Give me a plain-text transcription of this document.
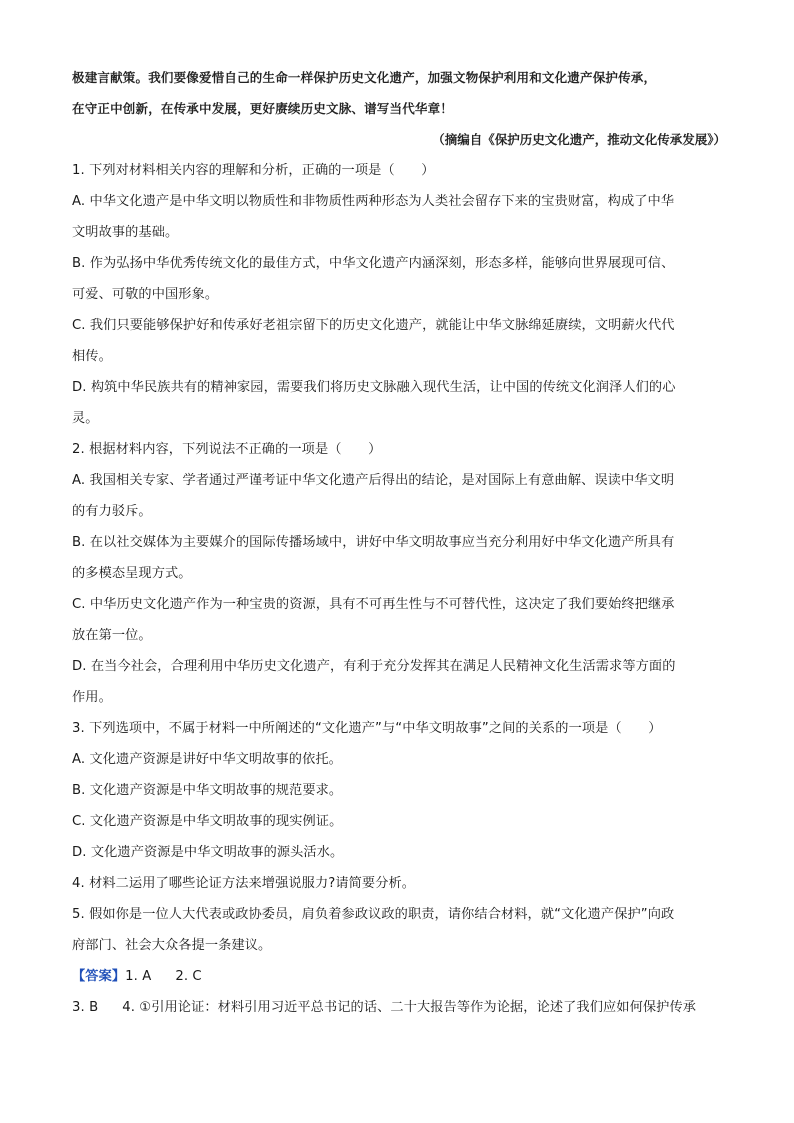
极建言献策。我们要像爱惜自己的生命一样保护历史文化遗产，加强文物保护利用和文化遗产保护传承，
在守正中创新，在传承中发展，更好赓续历史文脉、谱写当代华章！
（摘编自《保护历史文化遗产，推动文化传承发展》）

1. 下列对材料相关内容的理解和分析，正确的一项是（　　）

A. 中华文化遗产是中华文明以物质性和非物质性两种形态为人类社会留存下来的宝贵财富，构成了中华

文明故事的基础。

B. 作为弘扬中华优秀传统文化的最佳方式，中华文化遗产内涵深刻，形态多样，能够向世界展现可信、

可爱、可敬的中国形象。

C. 我们只要能够保护好和传承好老祖宗留下的历史文化遗产，就能让中华文脉绵延赓续，文明薪火代代

相传。

D. 构筑中华民族共有的精神家园，需要我们将历史文脉融入现代生活，让中国的传统文化润泽人们的心

灵。

2. 根据材料内容，下列说法不正确的一项是（　　）

A. 我国相关专家、学者通过严谨考证中华文化遗产后得出的结论，是对国际上有意曲解、误读中华文明

的有力驳斥。

B. 在以社交媒体为主要媒介的国际传播场域中，讲好中华文明故事应当充分利用好中华文化遗产所具有

的多模态呈现方式。

C. 中华历史文化遗产作为一种宝贵的资源，具有不可再生性与不可替代性，这决定了我们要始终把继承

放在第一位。

D. 在当今社会，合理利用中华历史文化遗产，有利于充分发挥其在满足人民精神文化生活需求等方面的

作用。

3. 下列选项中，不属于材料一中所阐述的“文化遗产”与“中华文明故事”之间的关系的一项是（　　）

A. 文化遗产资源是讲好中华文明故事的依托。

B. 文化遗产资源是中华文明故事的规范要求。

C. 文化遗产资源是中华文明故事的现实例证。

D. 文化遗产资源是中华文明故事的源头活水。

4. 材料二运用了哪些论证方法来增强说服力?请简要分析。

5. 假如你是一位人大代表或政协委员，肩负着参政议政的职责，请你结合材料，就“文化遗产保护”向政

府部门、社会大众各提一条建议。

【答案】1. A 2. C

3. B 4. ①引用论证：材料引用习近平总书记的话、二十大报告等作为论据，论述了我们应如何保护传承
